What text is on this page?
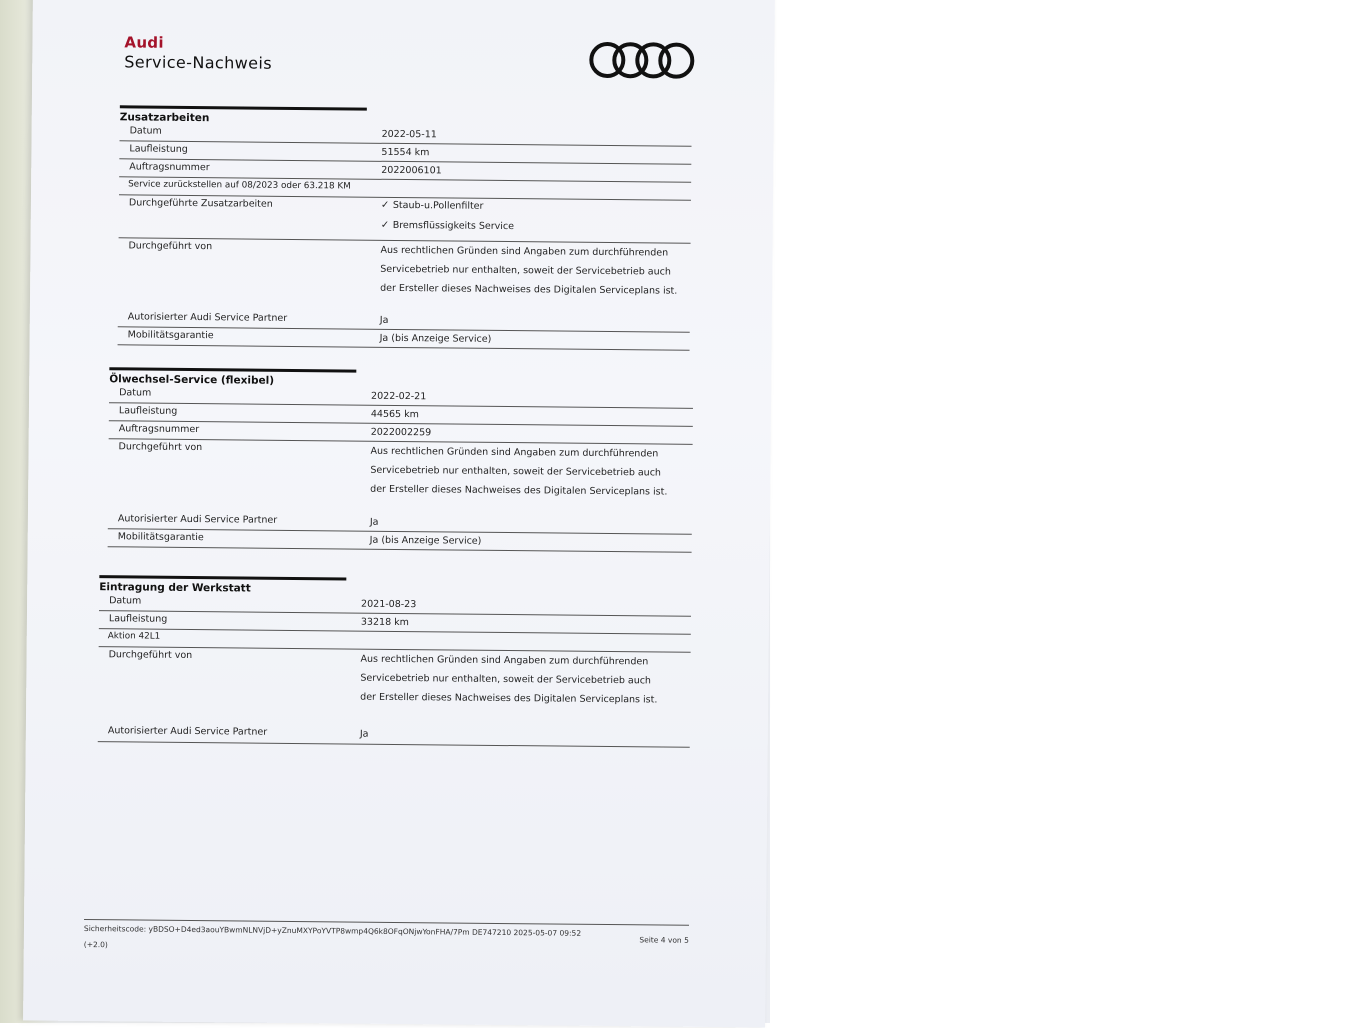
Audi
Service-Nachweis
Zusatzarbeiten
Datum	2022-05-11
Laufleistung	51554 km
Auftragsnummer	2022006101
Service zurückstellen auf 08/2023 oder 63.218 KM
Durchgeführte Zusatzarbeiten	✓ Staub-u.Pollenfilter
✓ Bremsflüssigkeits Service
Durchgeführt von	Aus rechtlichen Gründen sind Angaben zum durchführenden Servicebetrieb nur enthalten, soweit der Servicebetrieb auch der Ersteller dieses Nachweises des Digitalen Serviceplans ist.
Autorisierter Audi Service Partner	Ja
Mobilitätsgarantie	Ja (bis Anzeige Service)
Ölwechsel-Service (flexibel)
Datum	2022-02-21
Laufleistung	44565 km
Auftragsnummer	2022002259
Durchgeführt von	Aus rechtlichen Gründen sind Angaben zum durchführenden Servicebetrieb nur enthalten, soweit der Servicebetrieb auch der Ersteller dieses Nachweises des Digitalen Serviceplans ist.
Autorisierter Audi Service Partner	Ja
Mobilitätsgarantie	Ja (bis Anzeige Service)
Eintragung der Werkstatt
Datum	2021-08-23
Laufleistung	33218 km
Aktion 42L1
Durchgeführt von	Aus rechtlichen Gründen sind Angaben zum durchführenden Servicebetrieb nur enthalten, soweit der Servicebetrieb auch der Ersteller dieses Nachweises des Digitalen Serviceplans ist.
Autorisierter Audi Service Partner	Ja
Sicherheitscode: yBDSO+D4ed3aouYBwmNLNVjD+yZnuMXYPoYVTP8wmp4Q6k8OFqONjwYonFHA/7Pm DE747210 2025-05-07 09:52
(+2.0)	Seite 4 von 5
